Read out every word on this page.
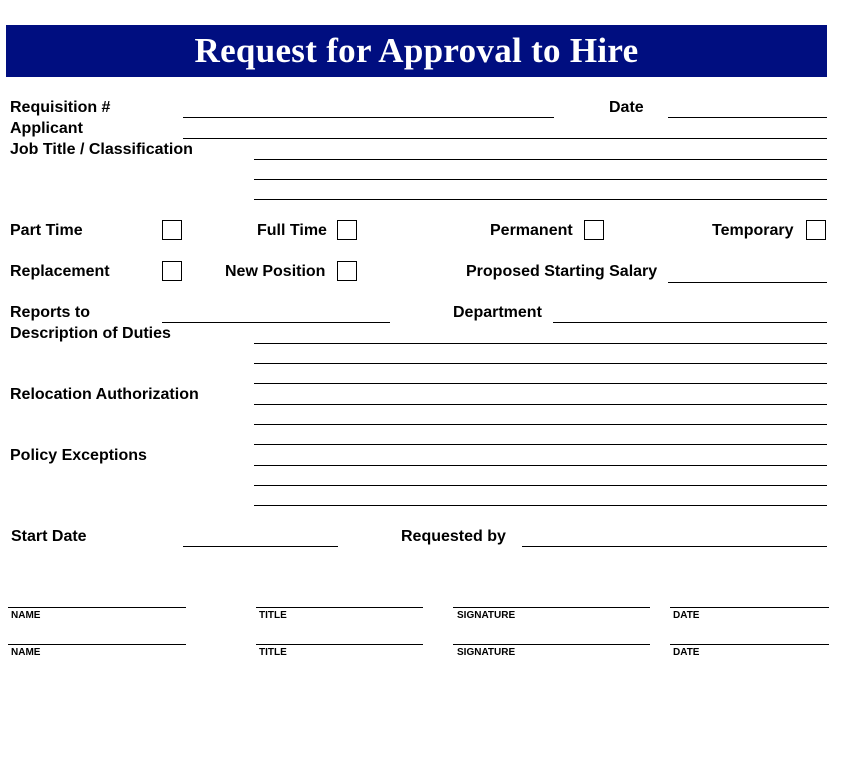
Request for Approval to Hire
Requisition #	Date
Applicant
Job Title / Classification
Part Time	Full Time	Permanent	Temporary
Replacement	New Position	Proposed Starting Salary
Reports to	Department
Description of Duties
Relocation Authorization
Policy Exceptions
Start Date	Requested by
NAME	TITLE	SIGNATURE	DATE
NAME	TITLE	SIGNATURE	DATE
